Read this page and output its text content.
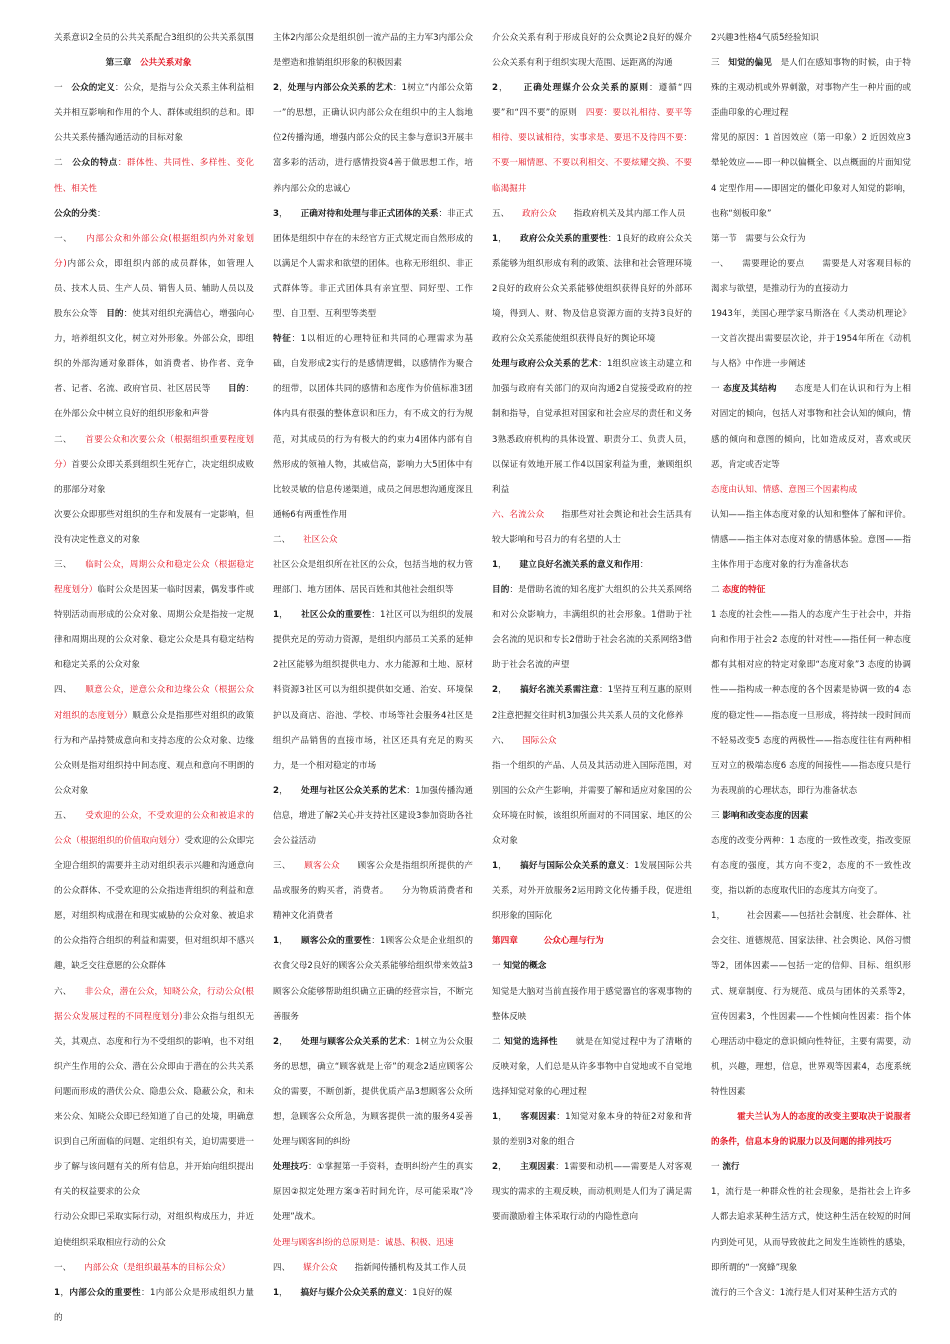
关系意识2全员的公共关系配合3组织的公共关系氛围

　　　　　　第三章　公共关系对象

一　公众的定义：公众，是指与公众关系主体利益相关并相互影响和作用的个人、群体或组织的总和。即公共关系传播沟通活动的目标对象

二　公众的特点：群体性、共同性、多样性、变化性、相关性

公众的分类：

一、　　内部公众和外部公众(根据组织内外对象划分)内部公众，即组织内部的成员群体，如管理人员、技术人员、生产人员、销售人员、辅助人员以及股东公众等　目的：使其对组织充满信心，增强向心力，培养组织文化，树立对外形象。外部公众，即组织的外部沟通对象群体，如消费者、协作者、竞争者、记者、名流、政府官员、社区居民等　　目的：在外部公众中树立良好的组织形象和声誉

二、　　首要公众和次要公众（根据组织重要程度划分）首要公众即关系到组织生死存亡，决定组织成败的那部分对象

次要公众即那些对组织的生存和发展有一定影响，但没有决定性意义的对象

三、　　临时公众，周期公众和稳定公众（根据稳定程度划分）临时公众是因某一临时因素，偶发事件或特别活动而形成的公众对象、周期公众是指按一定规律和周期出现的公众对象、稳定公众是具有稳定结构和稳定关系的公众对象

四、　　顺意公众，逆意公众和边缘公众（根据公众对组织的态度划分）顺意公众是指那些对组织的政策行为和产品持赞成意向和支持态度的公众对象、边缘公众则是指对组织持中间态度、观点和意向不明朗的公众对象

五、　　受欢迎的公众，不受欢迎的公众和被追求的公众（根据组织的价值取向划分）受欢迎的公众即完全迎合组织的需要并主动对组织表示兴趣和沟通意向的公众群体、不受欢迎的公众指违背组织的利益和意愿，对组织构成潜在和现实威胁的公众对象、被追求的公众指符合组织的利益和需要，但对组织却不感兴趣，缺乏交往意愿的公众群体

六、　　非公众，潜在公众，知晓公众，行动公众(根据公众发展过程的不同程度划分)非公众指与组织无关，其观点、态度和行为不受组织的影响，也不对组织产生作用的公众、潜在公众即由于潜在的公共关系问题而形成的潜伏公众、隐患公众、隐蔽公众，和未来公众、知晓公众即已经知道了自己的处境，明确意识到自己所面临的问题、定组织有关，迫切需要进一步了解与该问题有关的所有信息，并开始向组织提出有关的权益要求的公众

行动公众即已采取实际行动，对组织构成压力，并近迫使组织采取相应行动的公众

一、　　内部公众（是组织最基本的目标公众）

1，内部公众的重要性：1内部公众是形成组织力量的

主体2内部公众是组织创一流产品的主力军3内部公众是塑造和推销组织形象的积极因素

2，处理与内部公众关系的艺术：1树立“内部公众第一”的思想，正确认识内部公众在组织中的主人翁地位2传播沟通，增强内部公众的民主参与意识3开展丰富多彩的活动，进行感情投资4善于做思想工作，培养内部公众的忠诚心

3，　　正确对待和处理与非正式团体的关系：非正式团体是组织中存在的未经官方正式规定而自然形成的以满足个人需求和欲望的团体。也称无形组织、非正式群体等。非正式团体具有亲宜型、同好型、工作型、自卫型、互利型等类型

特征：1以相近的心理特征和共同的心理需求为基础，自发形成2实行的是感情逻辑，以感情作为聚合的纽带，以团体共同的感情和态度作为价值标准3团体内具有很强的整体意识和压力，有不成文的行为规范，对其成员的行为有极大的约束力4团体内部有自然形成的领袖人物，其威信高，影响力大5团体中有比较灵敏的信息传递渠道，成员之间思想沟通度深且通畅6有两重性作用

二、　　社区公众

社区公众是组织所在社区的公众，包括当地的权力管理部门、地方团体、居民百姓和其他社会组织等

1，　　社区公众的重要性：1社区可以为组织的发展提供充足的劳动力资源，是组织内部员工关系的延伸2社区能够为组织提供电力、水力能源和土地、原材料资源3社区可以为组织提供如交通、治安、环境保护以及商店、浴池、学校、市场等社会服务4社区是组织产品销售的直接市场，社区还具有充足的购买力，是一个相对稳定的市场

2，　　处理与社区公众关系的艺术：1加强传播沟通信息，增进了解2关心并支持社区建设3参加资助各社会公益活动

三、　　顾客公众　　顾客公众是指组织所提供的产品或服务的购买者，消费者。　　分为物质消费者和精神文化消费者

1，　　顾客公众的重要性：1顾客公众是企业组织的衣食父母2良好的顾客公众关系能够给组织带来效益3顾客公众能够帮助组织确立正确的经营宗旨，不断完善服务

2，　　处理与顾客公众关系的艺术：1树立为公众服务的思想，确立“顾客就是上帝”的观念2适应顾客公众的需要，不断创新，提供优质产品3想顾客公众所想，急顾客公众所急，为顾客提供一流的服务4妥善处理与顾客间的纠纷

处理技巧：①掌握第一手资料，查明纠纷产生的真实原因②拟定处理方案③若时间允许，尽可能采取“冷处理”战术。

处理与顾客纠纷的总原则是：诚恳、积极、迅速

四、　　媒介公众　　指新闻传播机构及其工作人员

1，　　搞好与媒介公众关系的意义：1良好的媒

介公众关系有利于形成良好的公众舆论2良好的媒介公众关系有利于组织实现大范围、远距离的沟通

2，　　正确处理媒介公众关系的原则：遵循“四要”和“四不要”的原则　四要：要以礼相待、要平等相待、要以诚相待，实事求是、要迅不及待四不要：不要一厢情愿、不要以利相交、不要炫耀交换、不要临渴掘井

五、　　政府公众　　指政府机关及其内部工作人员

1，　　政府公众关系的重要性：1良好的政府公众关系能够为组织形成有利的政策、法律和社会管理环境2良好的政府公众关系能够使组织获得良好的外部环境，得到人、财、物及信息资源方面的支持3良好的政府公众关系能使组织获得良好的舆论环境

处理与政府公众关系的艺术：1组织应该主动建立和加强与政府有关部门的双向沟通2自觉接受政府的控制和指导，自觉承担对国家和社会应尽的责任和义务3熟悉政府机构的具体设置、职责分工、负责人员，以保证有效地开展工作4以国家利益为重，兼顾组织利益

六、名流公众　　指那些对社会舆论和社会生活具有较大影响和号召力的有名望的人士

1，　　建立良好名流关系的意义和作用：

目的：是借助名流的知名度扩大组织的公共关系网络和对公众影响力，丰满组织的社会形象。1借助于社会名流的见识和专长2借助于社会名流的关系网络3借助于社会名流的声望

2，　　搞好名流关系需注意：1坚持互利互惠的原则2注意把握交往时机3加强公共关系人员的文化修养

六、　　国际公众

指一个组织的产品、人员及其活动进入国际范围，对别国的公众产生影响，并需要了解和适应对象国的公众环境在时候，该组织所面对的不同国家、地区的公众对象

1，　　搞好与国际公众关系的意义：1发展国际公共关系，对外开放服务2运用跨文化传播手段，促进组织形象的国际化

第四章　　　公众心理与行为

一 知觉的概念

知觉是大脑对当前直接作用于感觉器官的客观事物的整体反映

二 知觉的选择性　　就是在知觉过程中为了清晰的反映对象，人们总是从许多事物中自觉地或不自觉地选择知觉对象的心理过程

1，　　客观因素：1知觉对象本身的特征2对象和背景的差别3对象的组合

2，　　主观因素：1需要和动机——需要是人对客观现实的需求的主观反映，而动机则是人们为了满足需要而激励着主体采取行动的内隐性意向

2兴趣3性格4气质5经验知识

三　知觉的偏见　是人们在感知事物的时候，由于特殊的主观动机或外界刺激，对事物产生一种片面的或歪曲印象的心理过程

常见的原因：1 首因效应（第一印象）2 近因效应3 晕轮效应——即一种以偏概全、以点概面的片面知觉4 定型作用——即固定的僵化印象对人知觉的影响，也称“刻板印象”

第一节　需要与公众行为

一、　　需要理论的要点　　需要是人对客观目标的渴求与欲望，是推动行为的直接动力

1943年，美国心理学家马斯洛在《人类动机理论》一文首次提出需要层次论，并于1954年所在《动机与人格》中作进一步阐述

一 态度及其结构　　态度是人们在认识和行为上相对固定的倾向，包括人对事物和社会认知的倾向，情感的倾向和意图的倾向，比如造成反对，喜欢或厌恶，肯定或否定等

态度由认知、情感、意图三个因素构成

认知——指主体态度对象的认知和整体了解和评价。情感——指主体对态度对象的情感体验。意图——指主体作用于态度对象的行为准备状态

二 态度的特征

1 态度的社会性——指人的态度产生于社会中，并指向和作用于社会2 态度的针对性——指任何一种态度都有其相对应的特定对象即“态度对象”3 态度的协调性——指构成一种态度的各个因素是协调一致的4 态度的稳定性——指态度一旦形成，将持续一段时间而不轻易改变5 态度的两极性——指态度往往有两种相互对立的极端态度6 态度的间接性——指态度只是行为表现前的心理状态，即行为准备状态

三 影响和改变态度的因素

态度的改变分两种：1 态度的一致性改变，指改变原有态度的强度，其方向不变2，态度的不一致性改变，指以新的态度取代旧的态度其方向变了。

1，　　　社会因素——包括社会制度、社会群体、社会交往、道德规范、国家法律、社会舆论、风俗习惯等2，团体因素——包括一定的信仰、目标、组织形式、规章制度、行为规范、成员与团体的关系等2，宣传因素3，个性因素——个性倾向性因素：指个体心理活动中稳定的意识倾向性特征，主要有需要，动机，兴趣，理想，信息，世界观等因素4，态度系统特性因素

　　　霍夫兰认为人的态度的改变主要取决于说服者的条件，信息本身的说服力以及问题的排列技巧

一 流行

1，流行是一种群众性的社会现象，是指社会上许多人都去追求某种生活方式，使这种生活在较短的时间内到处可见，从而导致彼此之间发生连锁性的感染，即所谓的“一窝蜂”现象

流行的三个含义：1流行是人们对某种生活方式的
